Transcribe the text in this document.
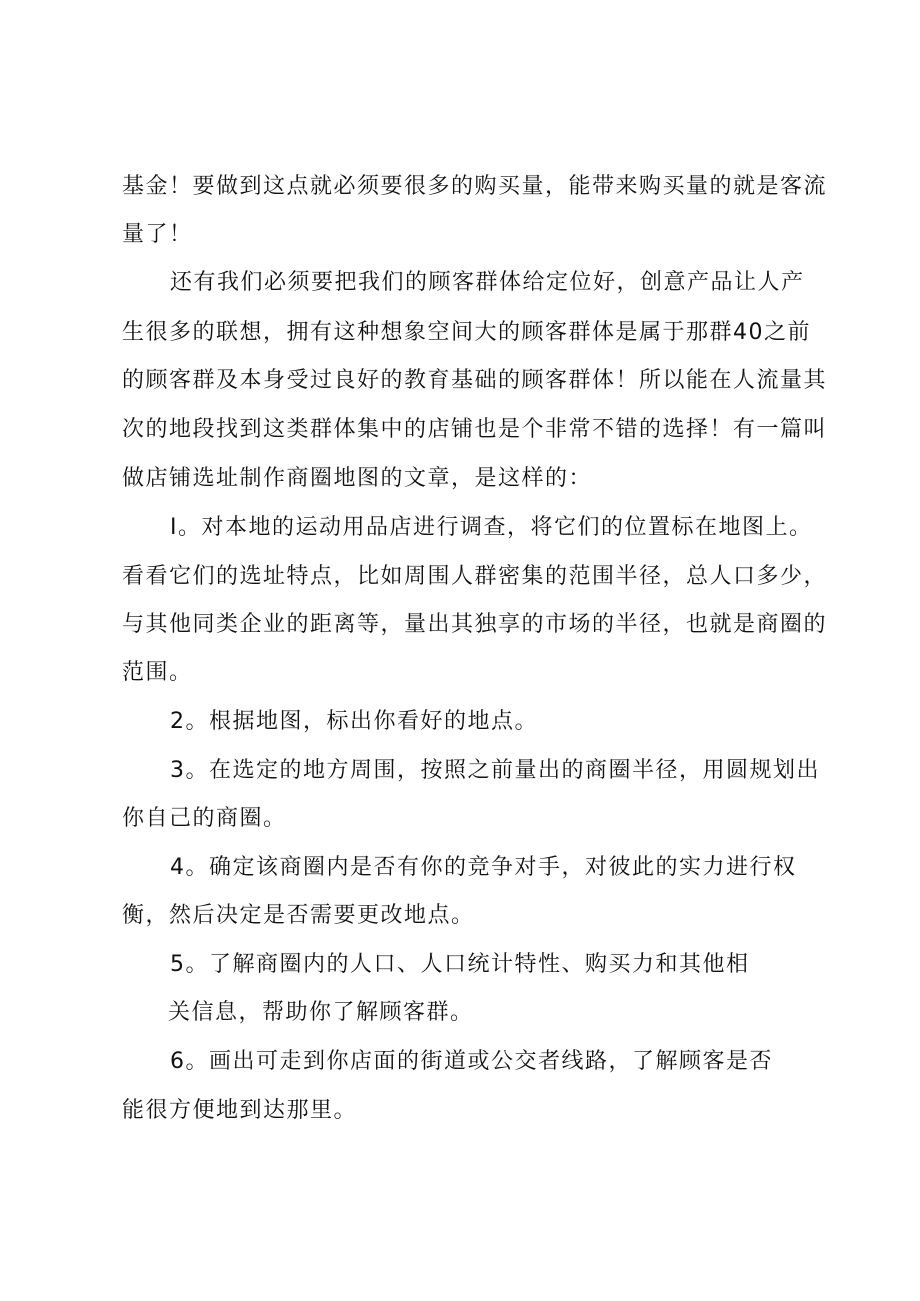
基金！要做到这点就必须要很多的购买量，能带来购买量的就是客流
量了！
还有我们必须要把我们的顾客群体给定位好，创意产品让人产
生很多的联想，拥有这种想象空间大的顾客群体是属于那群40之前
的顾客群及本身受过良好的教育基础的顾客群体！所以能在人流量其
次的地段找到这类群体集中的店铺也是个非常不错的选择！有一篇叫
做店铺选址制作商圈地图的文章，是这样的：
I。对本地的运动用品店进行调查，将它们的位置标在地图上。
看看它们的选址特点，比如周围人群密集的范围半径，总人口多少，
与其他同类企业的距离等，量出其独享的市场的半径，也就是商圈的
范围。
2。根据地图，标出你看好的地点。
3。在选定的地方周围，按照之前量出的商圈半径，用圆规划出
你自己的商圈。
4。确定该商圈内是否有你的竞争对手，对彼此的实力进行权
衡，然后决定是否需要更改地点。
5。了解商圈内的人口、人口统计特性、购买力和其他相
关信息，帮助你了解顾客群。
6。画出可走到你店面的街道或公交者线路，了解顾客是否
能很方便地到达那里。
